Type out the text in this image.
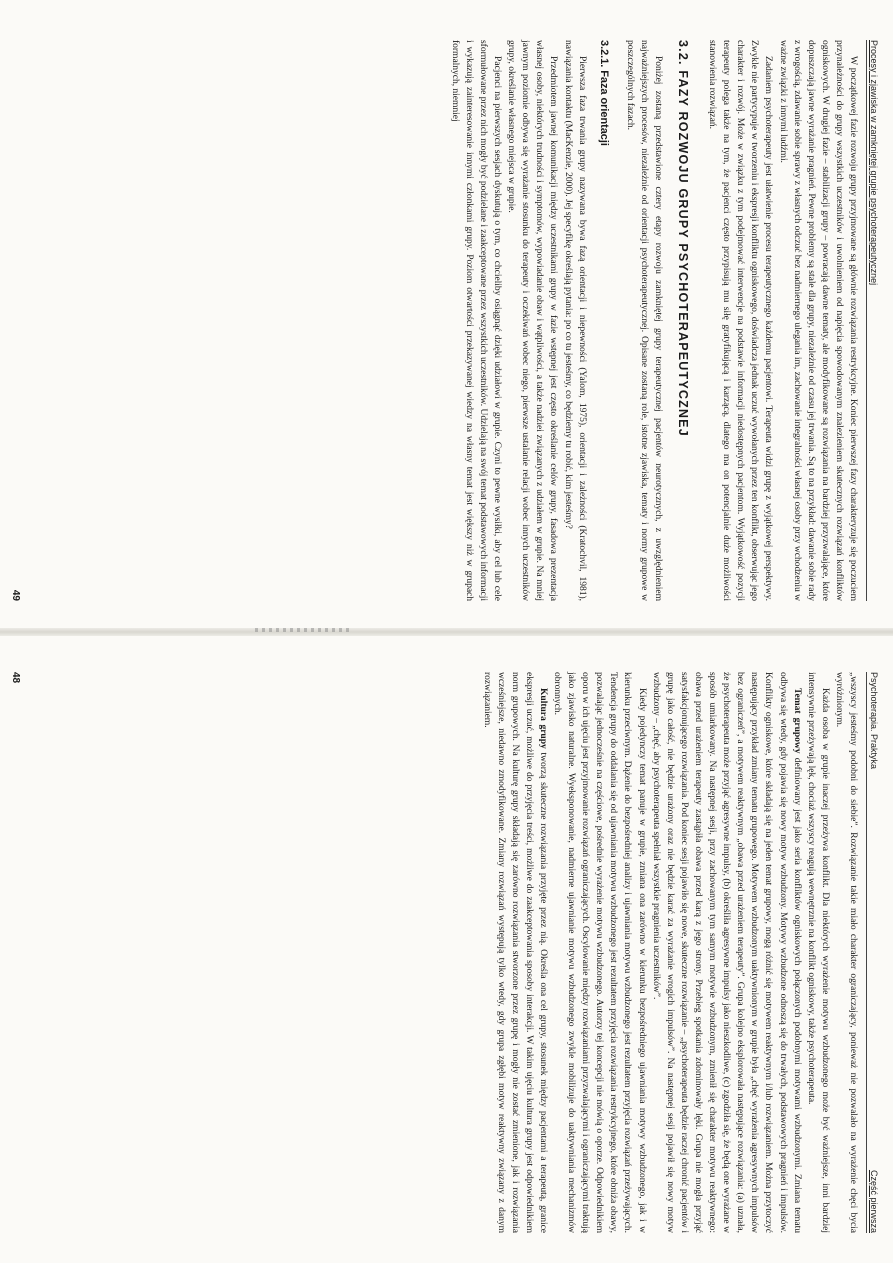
Procesy i zjawiska w zamkniętej grupie psychoterapeutycznej

W początkowej fazie rozwoju grupy przyjmowane są głównie rozwiązania restrykcyjne. Koniec pierwszej fazy charakteryzuje się poczuciem przynależności do grupy wszystkich uczestników i uwolnieniem od napięcia spowodowanym znalezieniem skutecznych rozwiązań konfliktów ogniskowych. W drugiej fazie – stabilizacji grupy – powracają dawne tematy, ale modyfikowane są rozwiązania na bardziej przyzwalające, które dopuszczają jawne wyrażanie pragnień. Pewne problemy są stale dla grupy, niezależnie od czasu jej trwania. Są to na przykład: dawanie sobie rady z wrogością, zdawanie sobie sprawy z własnych odczuć bez nadmiernego ulegania im, zachowanie integralności własnej osoby przy wchodzeniu w ważne związki z innymi ludźmi.

Zadaniem psychoterapeuty jest ułatwienie procesu terapeutycznego każdemu pacjentowi. Terapeuta widzi grupę z wyjątkowej perspektywy. Zwykle nie partycypuje w tworzeniu i ekspresji konfliktu ogniskowego, doświadcza jednak uczuć wywołanych przez ten konflikt, obserwując jego charakter i rozwój. Może w związku z tym podejmować interwencje na podstawie informacji niedostępnych pacjentom. Wyjątkowość pozycji terapeuty polega także na tym, że pacjenci często przypisują mu siłę gratyfikującą i karzącą, dlatego ma on potencjalnie duże możliwości stanowienia rozwiązań.

3.2. FAZY ROZWOJU GRUPY PSYCHOTERAPEUTYCZNEJ

Poniżej zostaną przedstawione cztery etapy rozwoju zamkniętej grupy terapeutycznej pacjentów neurotycznych, z uwzględnieniem najważniejszych procesów, niezależnie od orientacji psychoterapeutycznej. Opisane zostaną role, istotne zjawiska, tematy i normy grupowe w poszczególnych fazach.

3.2.1. Faza orientacji

Pierwsza faza trwania grupy nazywana bywa fazą orientacji i niepewności (Yalom, 1975), orientacji i zależności (Kratochvil, 1981), nawiązania kontaktu (MacKenzie, 2000). Jej specyfikę określają pytania: po co tu jesteśmy, co będziemy tu robić, kim jesteśmy?

Przedmiotem jawnej komunikacji między uczestnikami grupy w fazie wstępnej jest często określanie celów grupy, fasadowa prezentacja własnej osoby, niektórych trudności i symptomów, wypowiadanie obaw i wątpliwości, a także nadziei związanych z udziałem w grupie. Na mniej jawnym poziomie odbywa się wyrażanie stosunku do terapeuty i oczekiwań wobec niego, pierwsze ustalanie relacji wobec innych uczestników grupy, określanie własnego miejsca w grupie.

Pacjenci na pierwszych sesjach dyskutują o tym, co chcieliby osiągnąć dzięki udziałowi w grupie. Czyni to pewne wysiłki, aby cel lub cele sformułowane przez nich mogły być podzielane i zaakceptowane przez wszystkich uczestników. Udzielają na swój temat podstawowych informacji i wykazują zainteresowanie innymi członkami grupy. Poziom otwartości przekazywanej wiedzy na własny temat jest większy niż w grupach formalnych, niemniej

49
Psychoterapia. Praktyka
Część pierwsza

„wszyscy jesteśmy podobni do siebie”. Rozwiązanie takie miało charakter ograniczający, ponieważ nie pozwalało na wyrażenie chęci bycia wyróżnionym.

Każda osoba w grupie inaczej przeżywa konflikt. Dla niektórych wyrażenie motywu wzbudzonego może być ważniejsze, inni bardziej intensywnie przeżywają lęk, chociaż wszyscy reagują wewnętrznie na konflikt ogniskowy, także psychoterapeuta.

Temat grupowy definiowany jest jako seria konfliktów ogniskowych połączonych podobnymi motywami wzbudzonymi. Zmiana tematu odbywa się wtedy, gdy pojawia się nowy motyw wzbudzony. Motywy wzbudzone odnoszą się do trwałych, podstawowych pragnień i impulsów. Konflikty ogniskowe, które składają się na jeden temat grupowy, mogą różnić się motywem reaktywnym i/lub rozwiązaniem. Można przytoczyć następujący przykład zmiany tematu grupowego. Motywem wzbudzonym uaktywnionym w grupie była „chęć wyrażenia agresywnych impulsów bez ograniczeń”, a motywem reaktywnym „obawa przed urażeniem terapeuty”. Grupa kolejno eksplorowała następujące rozwiązania: (a) uznała, że psychoterapeuta może przyjąć agresywne impulsy, (b) określiła agresywne impulsy jako nieszkodliwe, (c) zgodziła się, że będą one wyrażane w sposób umiarkowany. Na następnej sesji, przy zachowanym tym samym motywie wzbudzonym, zmienił się charakter motywu reaktywnego: obawa przed urażeniem terapeuty zastąpiła obawa przed karą z jego strony. Przebieg spotkania zdominowały lęki. Grupa nie mogła przyjąć satysfakcjonującego rozwiązania. Pod koniec sesji pojawiło się nowe, skuteczne rozwiązanie – „psychoterapeuta będzie raczej chronić pacjentów i grupę jako całość, nie będzie urażony oraz nie będzie karać za wyrażanie wrogich impulsów”. Na następnej sesji pojawił się nowy motyw wzbudzony – „chęć, aby psychoterapeuta spełniał wszystkie pragnienia uczestników”.

Kiedy pojedynczy temat panuje w grupie, zmiana ona zarówno w kierunku bezpośredniego ujawniania motywy wzbudzonego, jak i w kierunku przeciwnym. Dążenie do bezpośredniej analizy i ujawniania motywu wzbudzonego jest rezultatem przyjęcia rozwiązań przeżywających. Tendencja grupy do oddalania się od ujawniania motywu wzbudzonego jest rezultatem przyjęcia rozwiązania restrykcyjnego, które obniża obawy, pozwalając jednocześnie na częściowe, pośrednie wyrażenie motywu wzbudzonego. Autorzy tej koncepcji nie mówią o oporze. Odpowiednikiem oporu w ich ujęciu jest przyjmowanie rozwiązań ograniczających. Oscylowanie między rozwiązaniami przyzwalającymi i ograniczającymi traktują jako zjawisko naturalne. Wyeksponowanie, nadmierne ujawnianie motywu wzbudzonego zwykle mobilizuje do uaktywniania mechanizmów obronnych.

Kultura grupy tworzą skuteczne rozwiązania przyjęte przez nią. Określa ona cel grupy, stosunek między pacjentami a terapeutą, granice ekspresji uczuć, możliwe do przyjęcia treści, możliwe do zaakceptowania sposoby interakcji. W takim ujęciu kultura grupy jest odpowiednikiem norm grupowych. Na kulturę grupy składają się zarówno rozwiązania stworzone przez grupę i mogły nie zostać zmienione, jak i rozwiązania wcześniejsze, niedawno zmodyfikowane. Zmiany rozwiązań występują tylko wtedy, gdy grupa zgłębi motyw reaktywny związany z danym rozwiązaniem.

48
